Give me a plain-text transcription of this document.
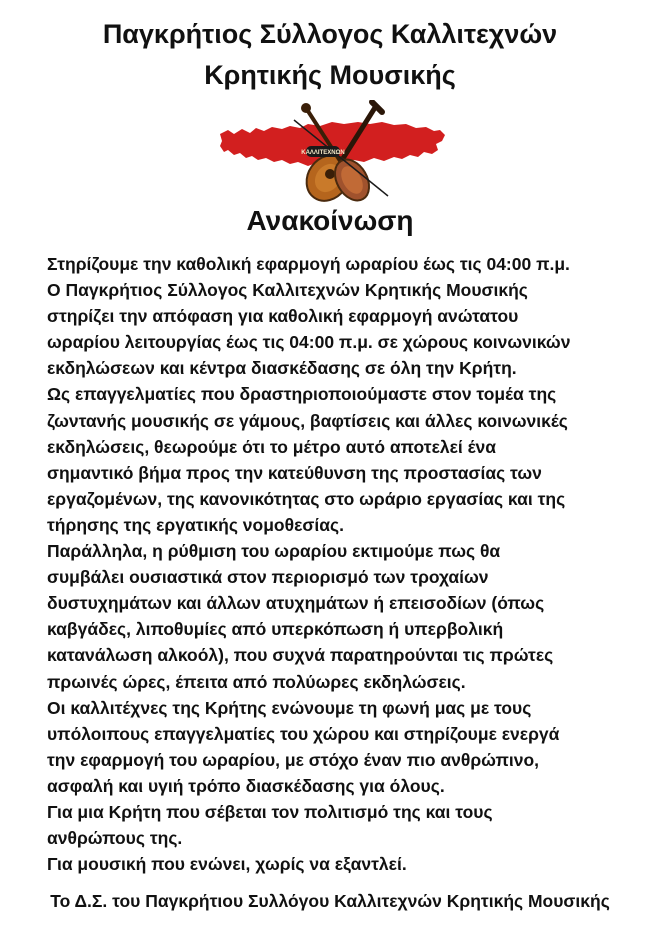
Παγκρήτιος Σύλλογος Καλλιτεχνών
Κρητικής Μουσικής
ΚΑΛΛΙΤΕΧΝΩΝ
Ανακοίνωση
Στηρίζουμε την καθολική εφαρμογή ωραρίου έως τις 04:00 π.μ.
Ο Παγκρήτιος Σύλλογος Καλλιτεχνών Κρητικής Μουσικής
στηρίζει την απόφαση για καθολική εφαρμογή ανώτατου
ωραρίου λειτουργίας έως τις 04:00 π.μ. σε χώρους κοινωνικών
εκδηλώσεων και κέντρα διασκέδασης σε όλη την Κρήτη.
Ως επαγγελματίες που δραστηριοποιούμαστε στον τομέα της
ζωντανής μουσικής σε γάμους, βαφτίσεις και άλλες κοινωνικές
εκδηλώσεις, θεωρούμε ότι το μέτρο αυτό αποτελεί ένα
σημαντικό βήμα προς την κατεύθυνση της προστασίας των
εργαζομένων, της κανονικότητας στο ωράριο εργασίας και της
τήρησης της εργατικής νομοθεσίας.
Παράλληλα, η ρύθμιση του ωραρίου εκτιμούμε πως θα
συμβάλει ουσιαστικά στον περιορισμό των τροχαίων
δυστυχημάτων και άλλων ατυχημάτων ή επεισοδίων (όπως
καβγάδες, λιποθυμίες από υπερκόπωση ή υπερβολική
κατανάλωση αλκοόλ), που συχνά παρατηρούνται τις πρώτες
πρωινές ώρες, έπειτα από πολύωρες εκδηλώσεις.
Οι καλλιτέχνες της Κρήτης ενώνουμε τη φωνή μας με τους
υπόλοιπους επαγγελματίες του χώρου και στηρίζουμε ενεργά
την εφαρμογή του ωραρίου, με στόχο έναν πιο ανθρώπινο,
ασφαλή και υγιή τρόπο διασκέδασης για όλους.
Για μια Κρήτη που σέβεται τον πολιτισμό της και τους
ανθρώπους της.
Για μουσική που ενώνει, χωρίς να εξαντλεί.
Το Δ.Σ. του Παγκρήτιου Συλλόγου Καλλιτεχνών Κρητικής Μουσικής
